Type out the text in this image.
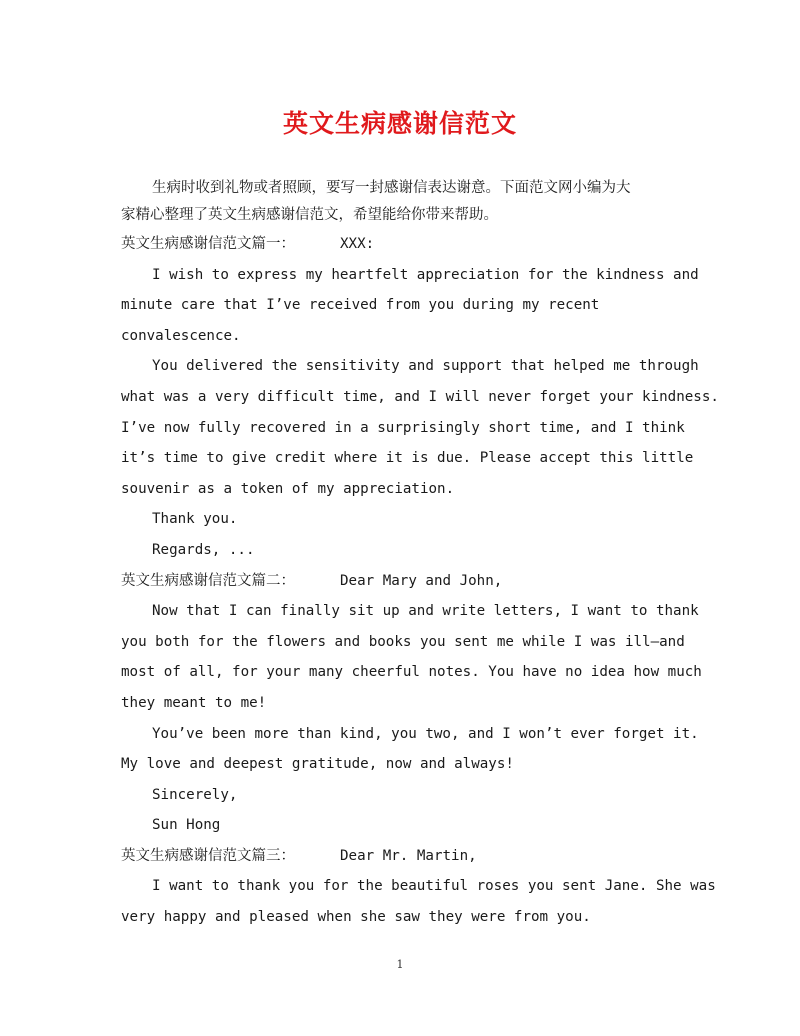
英文生病感谢信范文
生病时收到礼物或者照顾，要写一封感谢信表达谢意。下面范文网小编为大
家精心整理了英文生病感谢信范文，希望能给你带来帮助。
英文生病感谢信范文篇一：	XXX:
I wish to express my heartfelt appreciation for the kindness and
minute care that I’ve received from you during my recent
convalescence.
You delivered the sensitivity and support that helped me through
what was a very difficult time, and I will never forget your kindness.
I’ve now fully recovered in a surprisingly short time, and I think
it’s time to give credit where it is due. Please accept this little
souvenir as a token of my appreciation.
Thank you.
Regards, ...
英文生病感谢信范文篇二：	Dear Mary and John,
Now that I can finally sit up and write letters, I want to thank
you both for the flowers and books you sent me while I was ill—and
most of all, for your many cheerful notes. You have no idea how much
they meant to me!
You’ve been more than kind, you two, and I won’t ever forget it.
My love and deepest gratitude, now and always!
Sincerely,
Sun Hong
英文生病感谢信范文篇三：	Dear Mr. Martin,
I want to thank you for the beautiful roses you sent Jane. She was
very happy and pleased when she saw they were from you.
1
